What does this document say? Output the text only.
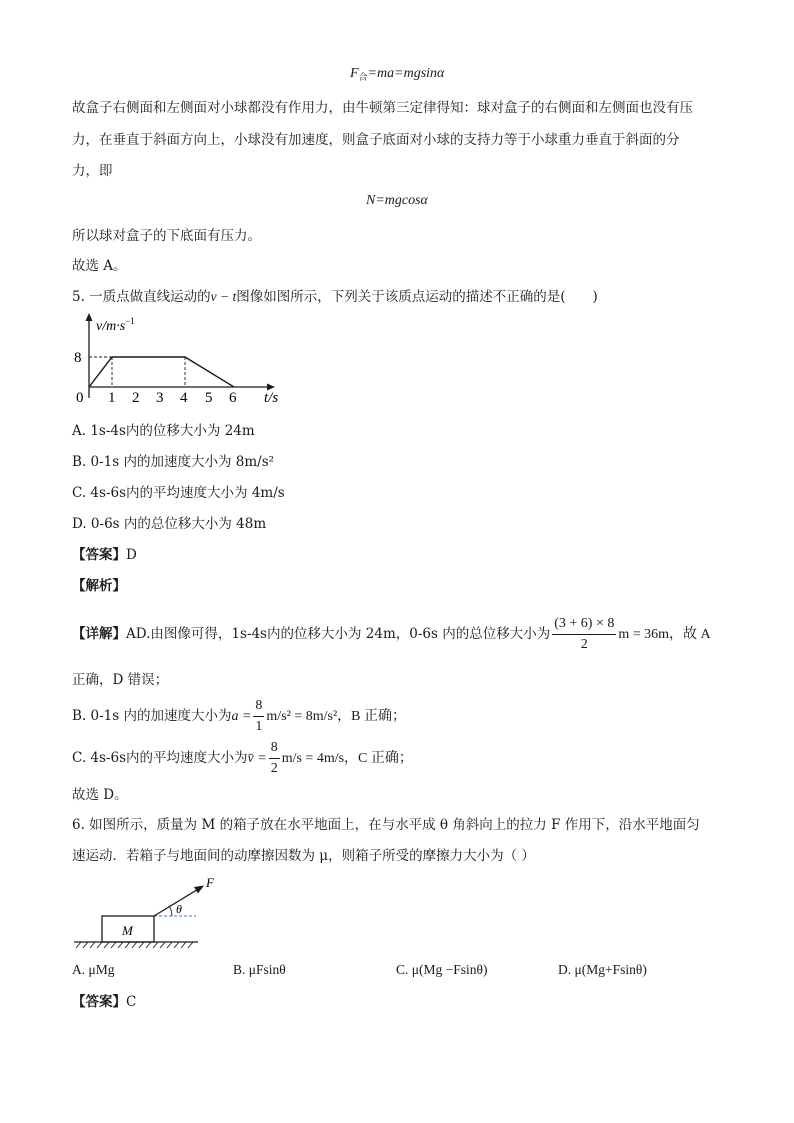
$F_合=ma=mgsin\alpha$
故盒子右侧面和左侧面对小球都没有作用力，由牛顿第三定律得知：球对盒子的右侧面和左侧面也没有压
力，在垂直于斜面方向上，小球没有加速度，则盒子底面对小球的支持力等于小球重力垂直于斜面的分
力，即
N=mgcosα
所以球对盒子的下底面有压力。
故选 A。
5. 一质点做直线运动的v − t图像如图所示，下列关于该质点运动的描述不正确的是(　　)
$v/m\cdot s^{-1}$
8
0 1 2 3 4 5 6 t/s
A. 1s-4s内的位移大小为 24m
B. 0-1s 内的加速度大小为 8m/s²
C. 4s-6s内的平均速度大小为 4m/s
D. 0-6s 内的总位移大小为 48m
【答案】D
【解析】
【详解】AD.由图像可得，1s-4s内的位移大小为 24m，0-6s 内的总位移大小为 $\frac{(3 + 6) \times 8}{2}$ m = 36m，故 A
正确，D 错误；
B. 0-1s 内的加速度大小为$a = \frac{8}{1} m/s^2 = 8m/s^2$，B 正确；
C. 4s-6s内的平均速度大小为v̄ = $\frac{8}{2} m/s = 4m/s$，C 正确；
故选 D。
6. 如图所示，质量为 M 的箱子放在水平地面上，在与水平成 θ 角斜向上的拉力 F 作用下，沿水平地面匀
速运动．若箱子与地面间的动摩擦因数为 μ，则箱子所受的摩擦力大小为（ ）
M
θ
F
A. μMg	B. μFsinθ	C. μ(Mg −Fsinθ)	D. μ(Mg+Fsinθ)
【答案】C
